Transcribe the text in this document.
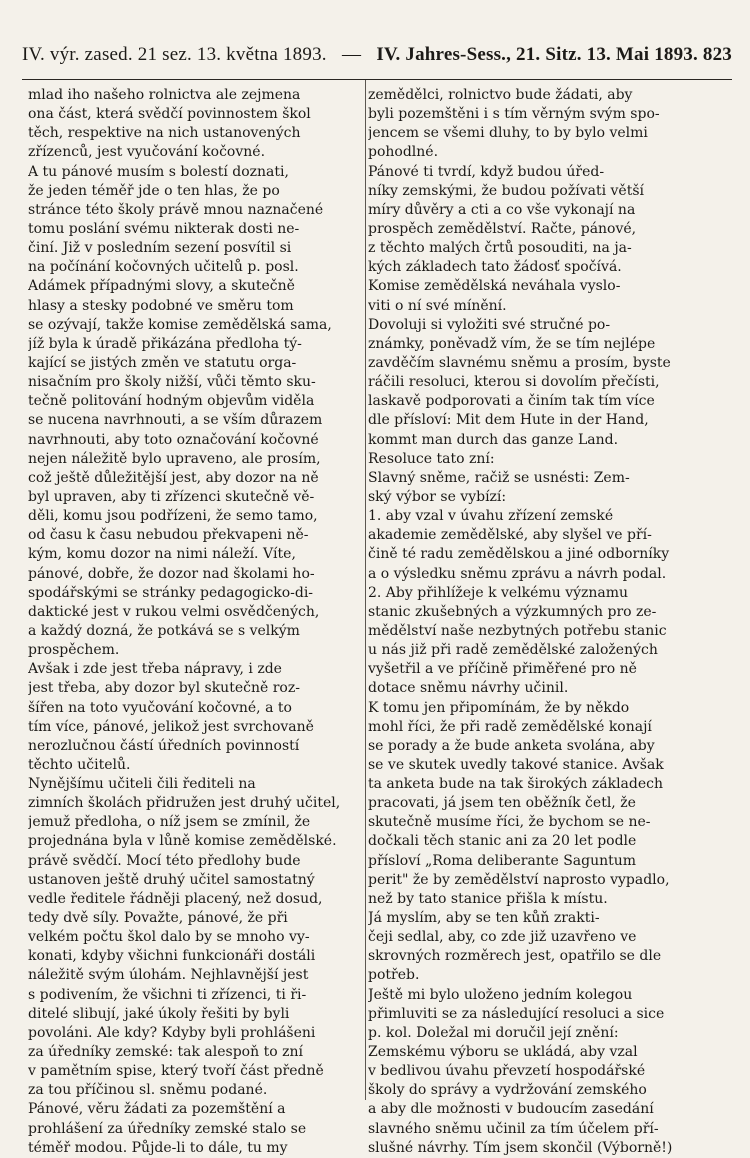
IV. výr. zased. 21 sez. 13. května 1893. — IV. Jahres-Sess., 21. Sitz. 13. Mai 1893. 823
mlad iho našeho rolnictva ale zejmena
ona část, která svědčí povinnostem škol
těch, respektive na nich ustanovených
zřízenců, jest vyučování kočovné.
A tu pánové musím s bolestí doznati,
že jeden téměř jde o ten hlas, že po
stránce této školy právě mnou naznačené
tomu poslání svému nikterak dosti ne-
činí. Již v posledním sezení posvítil si
na počínání kočovných učitelů p. posl.
Adámek případnými slovy, a skutečně
hlasy a stesky podobné ve směru tom
se ozývají, takže komise zemědělská sama,
jíž byla k úradě přikázána předloha tý-
kající se jistých změn ve statutu orga-
nisačním pro školy nižší, vůči těmto sku-
tečně politování hodným objevům viděla
se nucena navrhnouti, a se vším důrazem
navrhnouti, aby toto označování kočovné
nejen náležitě bylo upraveno, ale prosím,
což ještě důležitější jest, aby dozor na ně
byl upraven, aby ti zřízenci skutečně vě-
děli, komu jsou podřízeni, že semo tamo,
od času k času nebudou překvapeni ně-
kým, komu dozor na nimi náleží. Víte,
pánové, dobře, že dozor nad školami ho-
spodářskými se stránky pedagogicko-di-
daktické jest v rukou velmi osvědčených,
a každý dozná, že potkává se s velkým
prospěchem.
Avšak i zde jest třeba nápravy, i zde
jest třeba, aby dozor byl skutečně roz-
šířen na toto vyučování kočovné, a to
tím více, pánové, jelikož jest svrchovaně
nerozlučnou částí úředních povinností
těchto učitelů.
Nynějšímu učiteli čili řediteli na
zimních školách přidružen jest druhý učitel,
jemuž předloha, o níž jsem se zmínil, že
projednána byla v lůně komise zemědělské.
právě svědčí. Mocí této předlohy bude
ustanoven ještě druhý učitel samostatný
vedle ředitele řádněji placený, než dosud,
tedy dvě síly. Považte, pánové, že při
velkém počtu škol dalo by se mnoho vy-
konati, kdyby všichni funkcionáři dostáli
náležitě svým úlohám. Nejhlavnější jest
s podivením, že všichni ti zřízenci, ti ři-
ditelé slibují, jaké úkoly řešiti by byli
povoláni. Ale kdy? Kdyby byli prohlášeni
za úředníky zemské: tak alespoň to zní
v pamětním spise, který tvoří část předně
za tou příčinou sl. sněmu podané.
Pánové, věru žádati za pozemštění a
prohlášení za úředníky zemské stalo se
téměř modou. Půjde-li to dále, tu my
zemědělci, rolnictvo bude žádati, aby
byli pozemštěni i s tím věrným svým spo-
jencem se všemi dluhy, to by bylo velmi
pohodlné.
Pánové ti tvrdí, když budou úřed-
níky zemskými, že budou požívati větší
míry důvěry a cti a co vše vykonají na
prospěch zemědělství. Račte, pánové,
z těchto malých črtů posouditi, na ja-
kých základech tato žádosť spočívá.
Komise zemědělská neváhala vyslo-
viti o ní své mínění.
Dovoluji si vyložiti své stručné po-
známky, poněvadž vím, že se tím nejlépe
zavděčím slavnému sněmu a prosím, byste
ráčili resoluci, kterou si dovolím přečísti,
laskavě podporovati a činím tak tím více
dle přísloví: Mit dem Hute in der Hand,
kommt man durch das ganze Land.
Resoluce tato zní:
Slavný sněme, račiž se usnésti: Zem-
ský výbor se vybízí:
1. aby vzal v úvahu zřízení zemské
akademie zemědělské, aby slyšel ve pří-
čině té radu zemědělskou a jiné odborníky
a o výsledku sněmu zprávu a návrh podal.
2. Aby přihlížeje k velkému významu
stanic zkušebných a výzkumných pro ze-
mědělství naše nezbytných potřebu stanic
u nás již při radě zemědělské založených
vyšetřil a ve příčině přiměřené pro ně
dotace sněmu návrhy učinil.
K tomu jen připomínám, že by někdo
mohl říci, že při radě zemědělské konají
se porady a že bude anketa svolána, aby
se ve skutek uvedly takové stanice. Avšak
ta anketa bude na tak širokých základech
pracovati, já jsem ten oběžník četl, že
skutečně musíme říci, že bychom se ne-
dočkali těch stanic ani za 20 let podle
přísloví „Roma deliberante Saguntum
perit" že by zemědělství naprosto vypadlo,
než by tato stanice přišla k místu.
Já myslím, aby se ten kůň zrakti-
čeji sedlal, aby, co zde již uzavřeno ve
skrovných rozměrech jest, opatřilo se dle
potřeb.
Ještě mi bylo uloženo jedním kolegou
přimluviti se za následující resoluci a sice
p. kol. Doležal mi doručil její znění:
Zemskému výboru se ukládá, aby vzal
v bedlivou úvahu převzetí hospodářské
školy do správy a vydržování zemského
a aby dle možnosti v budoucím zasedání
slavného sněmu učinil za tím účelem pří-
slušné návrhy. Tím jsem skončil (Výborně!)
